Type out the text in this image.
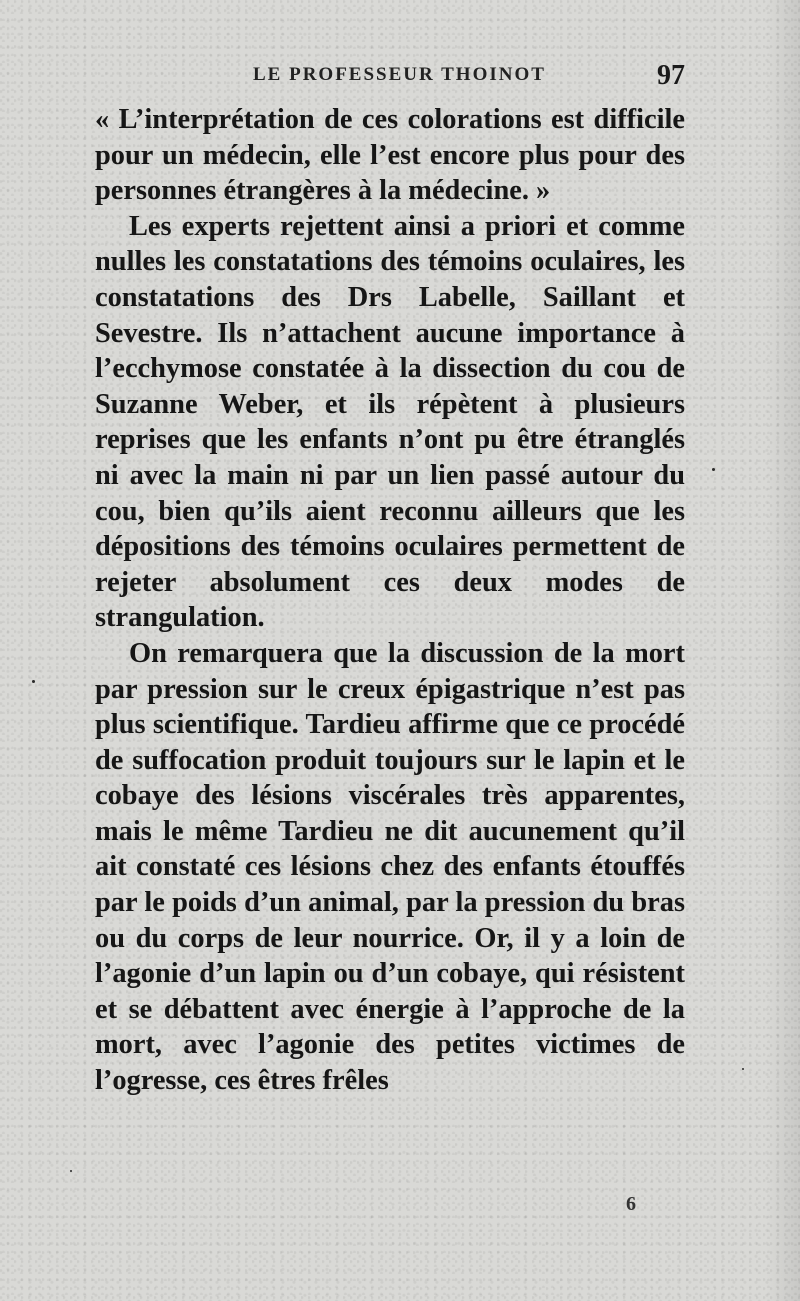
LE PROFESSEUR THOINOT	97

« L’interprétation de ces colorations est difficile pour un médecin, elle l’est encore plus pour des personnes étrangères à la médecine. »

Les experts rejettent ainsi a priori et comme nulles les constatations des témoins oculaires, les constatations des Drs Labelle, Saillant et Sevestre. Ils n’attachent aucune importance à l’ecchymose constatée à la dissection du cou de Suzanne Weber, et ils répètent à plusieurs reprises que les enfants n’ont pu être étranglés ni avec la main ni par un lien passé autour du cou, bien qu’ils aient reconnu ailleurs que les dépositions des témoins oculaires permettent de rejeter absolument ces deux modes de strangulation.

On remarquera que la discussion de la mort par pression sur le creux épigastrique n’est pas plus scientifique. Tardieu affirme que ce procédé de suffocation produit toujours sur le lapin et le cobaye des lésions viscérales très apparentes, mais le même Tardieu ne dit aucunement qu’il ait constaté ces lésions chez des enfants étouffés par le poids d’un animal, par la pression du bras ou du corps de leur nourrice. Or, il y a loin de l’agonie d’un lapin ou d’un cobaye, qui résistent et se débattent avec énergie à l’approche de la mort, avec l’agonie des petites victimes de l’ogresse, ces êtres frêles

6
